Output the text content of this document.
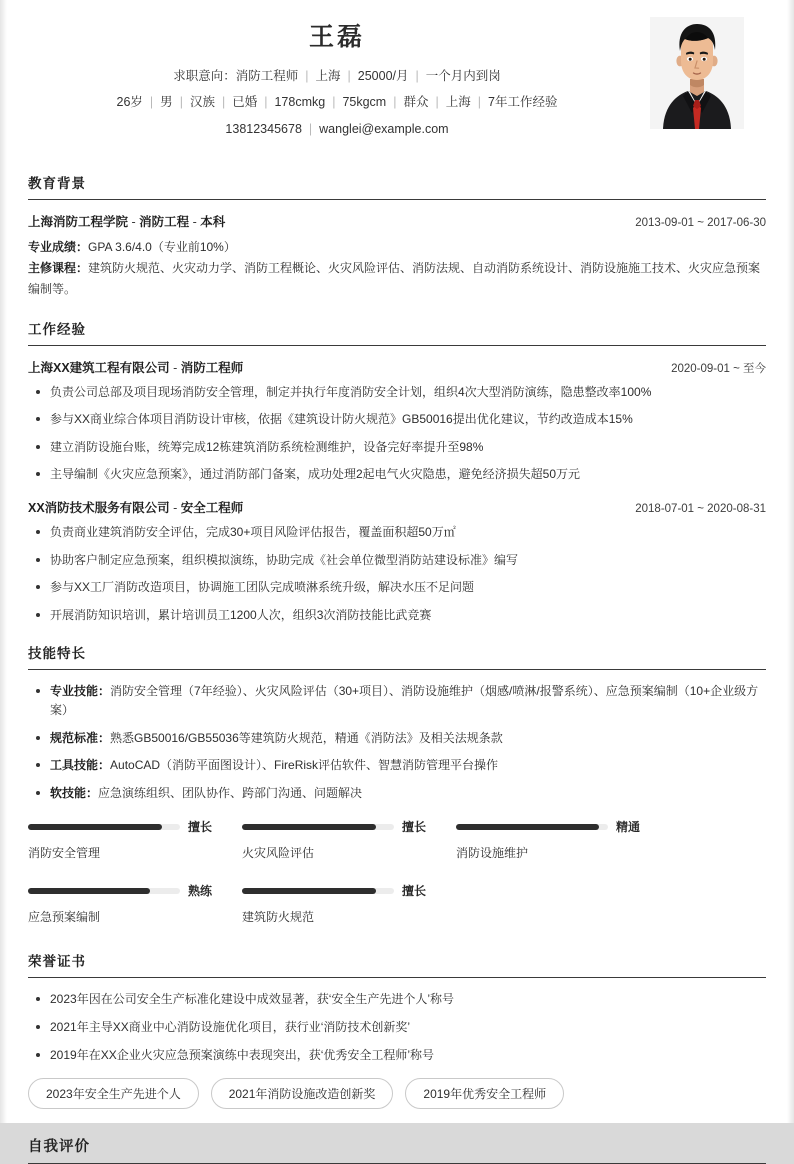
王磊
求职意向：消防工程师 | 上海 | 25000/月 | 一个月内到岗
26岁 | 男 | 汉族 | 已婚 | 178cmkg | 75kgcm | 群众 | 上海 | 7年工作经验
13812345678 | wanglei@example.com
教育背景
上海消防工程学院 - 消防工程 - 本科	2013-09-01 ~ 2017-06-30
专业成绩：GPA 3.6/4.0（专业前10%）
主修课程：建筑防火规范、火灾动力学、消防工程概论、火灾风险评估、消防法规、自动消防系统设计、消防设施施工技术、火灾应急预案编制等。
工作经验
上海XX建筑工程有限公司 - 消防工程师	2020-09-01 ~ 至今
负责公司总部及项目现场消防安全管理，制定并执行年度消防安全计划，组织4次大型消防演练，隐患整改率100%
参与XX商业综合体项目消防设计审核，依据《建筑设计防火规范》GB50016提出优化建议，节约改造成本15%
建立消防设施台账，统筹完成12栋建筑消防系统检测维护，设备完好率提升至98%
主导编制《火灾应急预案》，通过消防部门备案，成功处理2起电气火灾隐患，避免经济损失超50万元
XX消防技术服务有限公司 - 安全工程师	2018-07-01 ~ 2020-08-31
负责商业建筑消防安全评估，完成30+项目风险评估报告，覆盖面积超50万㎡
协助客户制定应急预案，组织模拟演练，协助完成《社会单位微型消防站建设标准》编写
参与XX工厂消防改造项目，协调施工团队完成喷淋系统升级，解决水压不足问题
开展消防知识培训，累计培训员工1200人次，组织3次消防技能比武竞赛
技能特长
专业技能：消防安全管理（7年经验）、火灾风险评估（30+项目）、消防设施维护（烟感/喷淋/报警系统）、应急预案编制（10+企业级方案）
规范标准：熟悉GB50016/GB55036等建筑防火规范，精通《消防法》及相关法规条款
工具技能：AutoCAD（消防平面图设计）、FireRisk评估软件、智慧消防管理平台操作
软技能：应急演练组织、团队协作、跨部门沟通、问题解决
擅长
消防安全管理
擅长
火灾风险评估
精通
消防设施维护
熟练
应急预案编制
擅长
建筑防火规范
荣誉证书
2023年因在公司安全生产标准化建设中成效显著，获‘安全生产先进个人’称号
2021年主导XX商业中心消防设施优化项目，获行业‘消防技术创新奖’
2019年在XX企业火灾应急预案演练中表现突出，获‘优秀安全工程师’称号
2023年安全生产先进个人	2021年消防设施改造创新奖	2019年优秀安全工程师
自我评价
